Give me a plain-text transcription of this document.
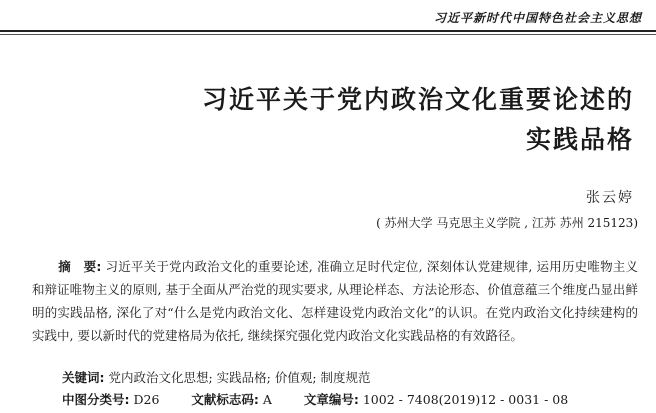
习近平新时代中国特色社会主义思想
习近平关于党内政治文化重要论述的
实践品格
张云婷
( 苏州大学 马克思主义学院 , 江苏 苏州 215123)
摘　要: 习近平关于党内政治文化的重要论述, 准确立足时代定位, 深刻体认党建规律, 运用历史唯物主义和辩证唯物主义的原则, 基于全面从严治党的现实要求, 从理论样态、方法论形态、价值意蕴三个维度凸显出鲜明的实践品格, 深化了对“什么是党内政治文化、怎样建设党内政治文化”的认识。在党内政治文化持续建构的实践中, 要以新时代的党建格局为依托, 继续探究强化党内政治文化实践品格的有效路径。
关键词: 党内政治文化思想; 实践品格; 价值观; 制度规范
中图分类号: D26	文献标志码: A	文章编号: 1002 - 7408(2019)12 - 0031 - 08
